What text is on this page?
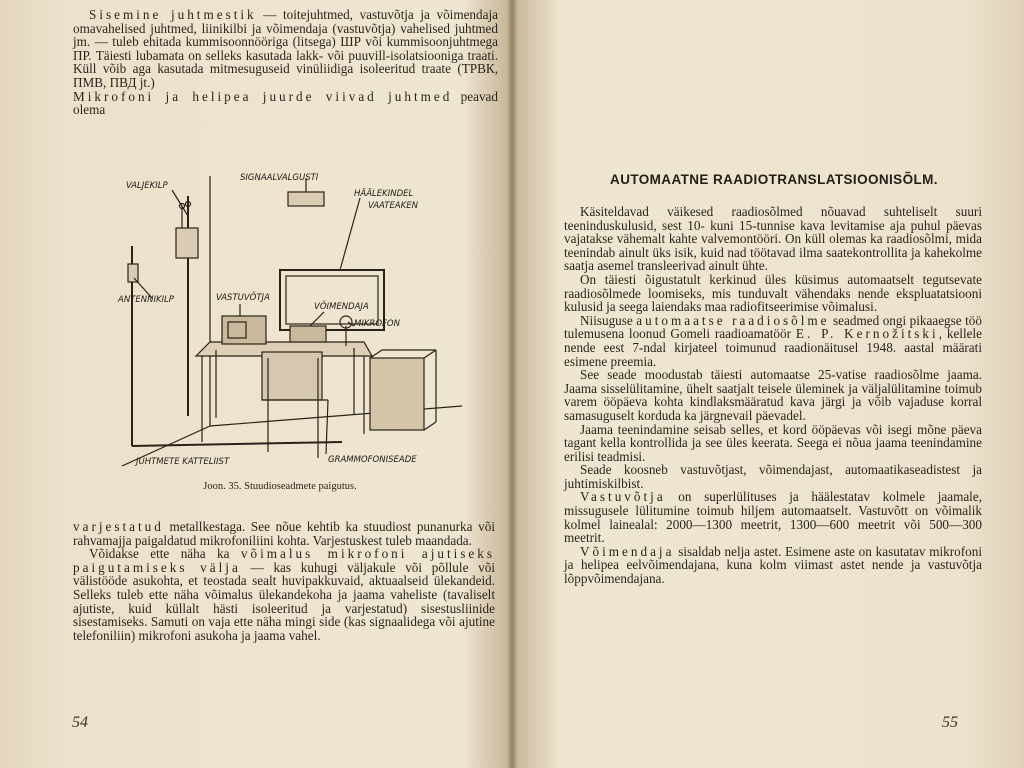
Sisemine juhtmestik — toitejuhtmed, vastuvõtja ja võimendaja omavahelised juhtmed, liinikilbi ja võimendaja (vastuvõtja) vahelised juhtmed jm. — tuleb ehitada kummisoonnööriga (litsega) ШР või kummisoonjuhtmega ПР. Täiesti lubamata on selleks kasutada lakk- või puuvill-isolatsiooniga traati. Küll võib aga kasutada mitmesuguseid vinüliidiga isoleeritud traate (ТРВК, ПМВ, ПВД jt.)

Mikrofoni ja helipea juurde viivad juhtmed peavad olema

VALJEKILP
SIGNAALVALGUSTI
HÄÄLEKINDEL
VAATEAKEN
ANTENNIKILP	VASTUVÕTJA
VÕIMENDAJA
MIKROFON
JUHTMETE KATTELIIST	GRAMMOFONISEADE
Joon. 35. Stuudioseadmete paigutus.

varjestatud metallkestaga. See nõue kehtib ka stuudiost punanurka või rahvamajja paigaldatud mikrofoniliini kohta. Varjestuskest tuleb maandada.

Võidakse ette näha ka võimalus mikrofoni ajutiseks paigutamiseks välja — kas kuhugi väljakule või põllule või välistööde asukohta, et teostada sealt huvipakkuvaid, aktuaalseid ülekandeid. Selleks tuleb ette näha võimalus ülekandekoha ja jaama vaheliste (tavaliselt ajutiste, kuid küllalt hästi isoleeritud ja varjestatud) sisestusliinide sisestamiseks. Samuti on vaja ette näha mingi side (kas signaalidega või ajutine telefoniliin) mikrofoni asukoha ja jaama vahel.

54
AUTOMAATNE RAADIOTRANSLATSIOONISÕLM.

Käsiteldavad väikesed raadiosõlmed nõuavad suhteliselt suuri teeninduskulusid, sest 10- kuni 15-tunnise kava levitamise aja puhul päevas vajatakse vähemalt kahte valvemontööri. On küll olemas ka raadiosõlmi, mida teenindab ainult üks isik, kuid nad töötavad ilma saatekontrollita ja kahekolme saatja asemel transleerivad ainult ühte.

On täiesti õigustatult kerkinud üles küsimus automaatselt tegutsevate raadiosõlmede loomiseks, mis tunduvalt vähendaks nende ekspluatatsiooni kulusid ja seega laiendaks maa radiofitseerimise võimalusi.

Niisuguse automaatse raadiosõlme seadmed ongi pikaaegse töö tulemusena loonud Gomeli raadioamatöör E. P. Kernožitski, kellele nende eest 7-ndal kirjateel toimunud raadionäitusel 1948. aastal määrati esimene preemia.

See seade moodustab täiesti automaatse 25-vatise raadiosõlme jaama. Jaama sisselülitamine, ühelt saatjalt teisele üleminek ja väljalülitamine toimub varem ööpäeva kohta kindlaksmääratud kava järgi ja võib vajaduse korral samasuguselt korduda ka järgnevail päevadel.

Jaama teenindamine seisab selles, et kord ööpäevas või isegi mõne päeva tagant kella kontrollida ja see üles keerata. Seega ei nõua jaama teenindamine erilisi teadmisi.

Seade koosneb vastuvõtjast, võimendajast, automaatikaseadistest ja juhtimiskilbist.

Vastuvõtja on superlülituses ja häälestatav kolmele jaamale, missugusele lülitumine toimub hiljem automaatselt. Vastuvõtt on võimalik kolmel lainealal: 2000—1300 meetrit, 1300—600 meetrit või 500—300 meetrit.

Võimendaja sisaldab nelja astet. Esimene aste on kasutatav mikrofoni ja helipea eelvõimendajana, kuna kolm viimast astet nende ja vastuvõtja lõppvõimendajana.

55
